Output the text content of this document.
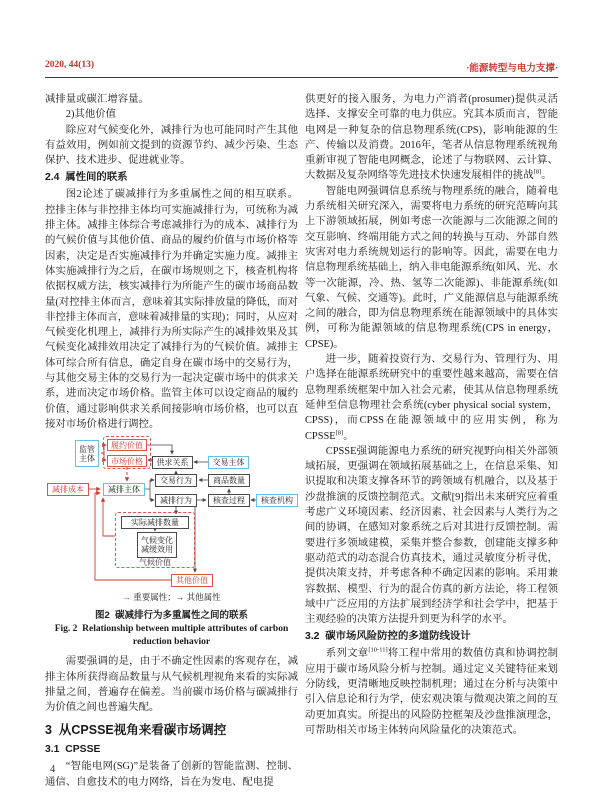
2020, 44(13)	·能源转型与电力支撑·

减排量或碳汇增容量。

2)其他价值

除应对气候变化外，减排行为也可能同时产生其他有益效用，例如前文提到的资源节约、减少污染、生态保护、技术进步、促进就业等。

2.4  属性间的联系

图2论述了碳减排行为多重属性之间的相互联系。控排主体与非控排主体均可实施减排行为，可统称为减排主体。减排主体综合考虑减排行为的成本、减排行为的气候价值与其他价值、商品的履约价值与市场价格等因素，决定是否实施减排行为并确定实施力度。减排主体实施减排行为之后，在碳市场规则之下，核查机构将依据权威方法，核实减排行为所能产生的碳市场商品数量(对控排主体而言，意味着其实际排放量的降低，而对非控排主体而言，意味着减排量的实现)；同时，从应对气候变化机理上，减排行为所实际产生的减排效果及其气候变化减排效用决定了减排行为的气候价值。减排主体可综合所有信息，确定自身在碳市场中的交易行为，与其他交易主体的交易行为一起决定碳市场中的供求关系，进而决定市场价格。监管主体可以设定商品的履约价值，通过影响供求关系间接影响市场价格，也可以直接对市场价格进行调控。

监管主体
履约价值
市场价格	供求关系	交易主体
交易行为	商品数量
减排成本	减排主体
减排行为	核查过程	核查机构
实际减排数量
气候变化减缓效用
气候价值
其他价值
→ 重要属性；→ 其他属性
图2  碳减排行为多重属性之间的联系
Fig. 2  Relationship between multiple attributes of carbon reduction behavior

需要强调的是，由于不确定性因素的客观存在，减排主体所获得商品数量与从气候机理视角来看的实际减排量之间，普遍存在偏差。当前碳市场价格与碳减排行为价值之间也普遍失配。

3  从CPSSE视角来看碳市场调控
3.1  CPSSE

“智能电网(SG)”是装备了创新的智能监测、控制、通信、自愈技术的电力网络，旨在为发电、配电提

供更好的接入服务，为电力产消者(prosumer)提供灵活选择、支撑安全可靠的电力供应。究其本质而言，智能电网是一种复杂的信息物理系统(CPS)，影响能源的生产、传输以及消费。2016年，笔者从信息物理系统视角重新审视了智能电网概念，论述了与物联网、云计算、大数据及复杂网络等先进技术快速发展相伴的挑战[8]。

智能电网强调信息系统与物理系统的融合，随着电力系统相关研究深入，需要将电力系统的研究范畴向其上下游领域拓展，例如考虑一次能源与二次能源之间的交互影响、终端用能方式之间的转换与互动、外部自然灾害对电力系统规划运行的影响等。因此，需要在电力信息物理系统基础上，纳入非电能源系统(如风、光、水等一次能源，冷、热、氢等二次能源)、非能源系统(如气象、气候、交通等)。此时，广义能源信息与能源系统之间的融合，即为信息物理系统在能源领域中的具体实例，可称为能源领域的信息物理系统(CPS in energy，CPSE)。

进一步，随着投资行为、交易行为、管理行为、用户选择在能源系统研究中的重要性越来越高，需要在信息物理系统框架中加入社会元素，使其从信息物理系统延伸至信息物理社会系统(cyber physical social system，CPSS)，而CPSS在能源领域中的应用实例，称为CPSSE[8]。

CPSSE强调能源电力系统的研究视野向相关外部领域拓展，更强调在领域拓展基础之上，在信息采集、知识提取和决策支撑各环节的跨领域有机融合，以及基于沙盘推演的反馈控制范式。文献[9]指出未来研究应着重考虑广义环境因素、经济因素、社会因素与人类行为之间的协调，在感知对象系统之后对其进行反馈控制。需要进行多领域建模，采集并整合参数，创建能支撑多种驱动范式的动态混合仿真技术，通过灵敏度分析寻优，提供决策支持，并考虑各种不确定因素的影响。采用兼容数据、模型、行为的混合仿真的新方法论，将工程领域中广泛应用的方法扩展到经济学和社会学中，把基于主观经验的决策方法提升到更为科学的水平。

3.2  碳市场风险防控的多道防线设计

系列文章[10-11]将工程中常用的数值仿真和协调控制应用于碳市场风险分析与控制。通过定义关键特征来划分防线，更清晰地反映控制机理；通过在分析与决策中引入信息论和行为学，使宏观决策与微观决策之间的互动更加真实。所提出的风险防控框架及沙盘推演理念，可帮助相关市场主体转向风险量化的决策范式。

4
